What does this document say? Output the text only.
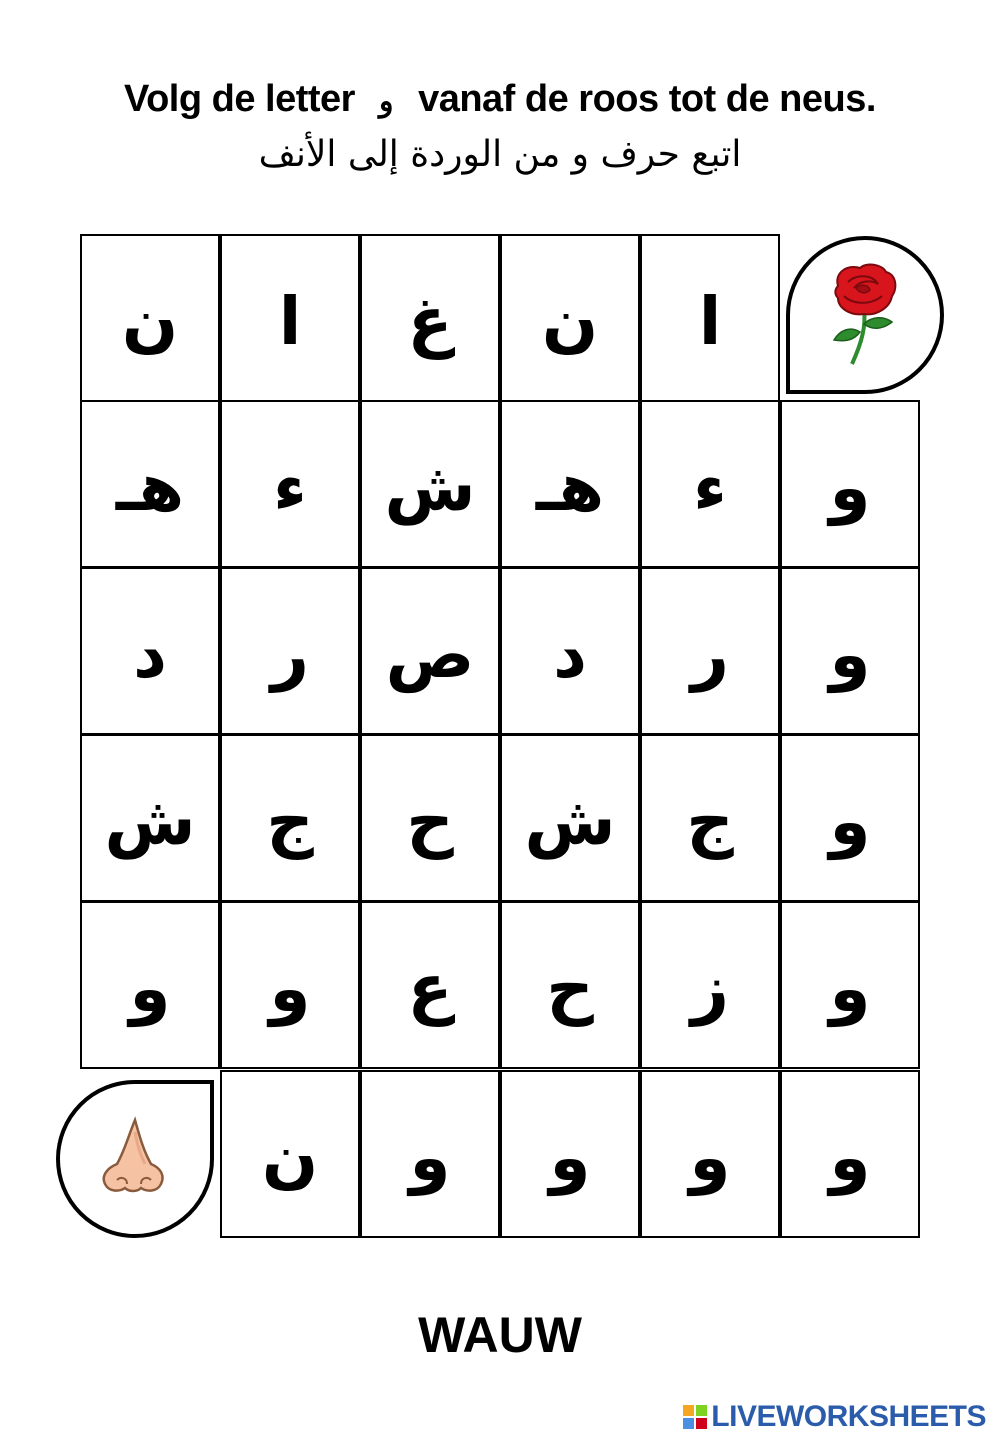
Volg de letter و vanaf de roos tot de neus.
اتبع حرف و من الوردة إلى الأنف
ن ا غ ن ا
هـ ء ش هـ ء و
د ر ص د ر و
ش ج ح ش ج و
و و ع ح ز و
ن و و و و
WAUW
LIVEWORKSHEETS
